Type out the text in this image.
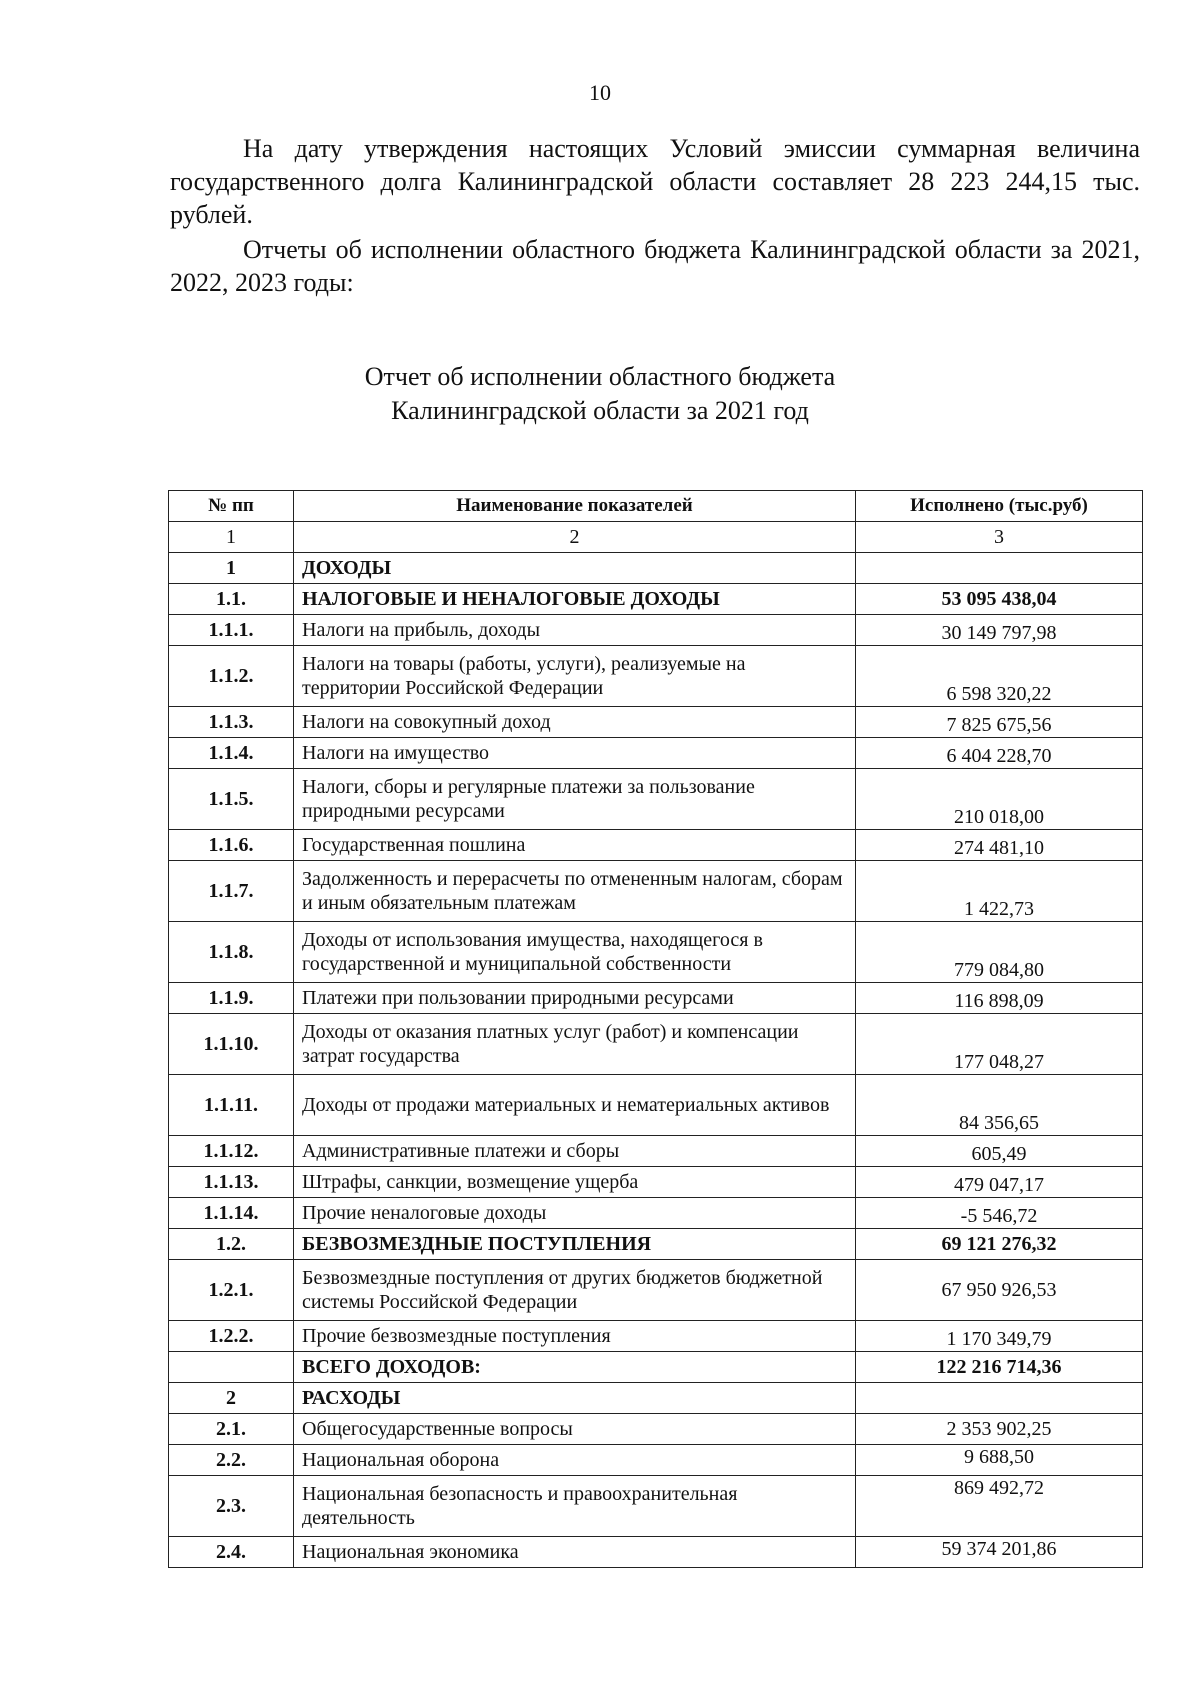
10

На дату утверждения настоящих Условий эмиссии суммарная величина государственного долга Калининградской области составляет 28 223 244,15 тыс. рублей.

Отчеты об исполнении областного бюджета Калининградской области за 2021, 2022, 2023 годы:

Отчет об исполнении областного бюджета
Калининградской области за 2021 год
№ пп	Наименование показателей	Исполнено (тыс.руб)
1	2	3
1	ДОХОДЫ	
1.1.	НАЛОГОВЫЕ И НЕНАЛОГОВЫЕ ДОХОДЫ	53 095 438,04
1.1.1.	Налоги на прибыль, доходы	30 149 797,98
1.1.2.	Налоги на товары (работы, услуги), реализуемые на территории Российской Федерации	6 598 320,22
1.1.3.	Налоги на совокупный доход	7 825 675,56
1.1.4.	Налоги на имущество	6 404 228,70
1.1.5.	Налоги, сборы и регулярные платежи за пользование природными ресурсами	210 018,00
1.1.6.	Государственная пошлина	274 481,10
1.1.7.	Задолженность и перерасчеты по отмененным налогам, сборам и иным обязательным платежам	1 422,73
1.1.8.	Доходы от использования имущества, находящегося в государственной и муниципальной собственности	779 084,80
1.1.9.	Платежи при пользовании природными ресурсами	116 898,09
1.1.10.	Доходы от оказания платных услуг (работ) и компенсации затрат государства	177 048,27
1.1.11.	Доходы от продажи материальных и нематериальных активов	84 356,65
1.1.12.	Административные платежи и сборы	605,49
1.1.13.	Штрафы, санкции, возмещение ущерба	479 047,17
1.1.14.	Прочие неналоговые доходы	-5 546,72
1.2.	БЕЗВОЗМЕЗДНЫЕ ПОСТУПЛЕНИЯ	69 121 276,32
1.2.1.	Безвозмездные поступления от других бюджетов бюджетной системы Российской Федерации	67 950 926,53
1.2.2.	Прочие безвозмездные поступления	1 170 349,79
	ВСЕГО ДОХОДОВ:	122 216 714,36
2	РАСХОДЫ	
2.1.	Общегосударственные вопросы	2 353 902,25
2.2.	Национальная оборона	9 688,50
2.3.	Национальная безопасность и правоохранительная деятельность	869 492,72
2.4.	Национальная экономика	59 374 201,86
